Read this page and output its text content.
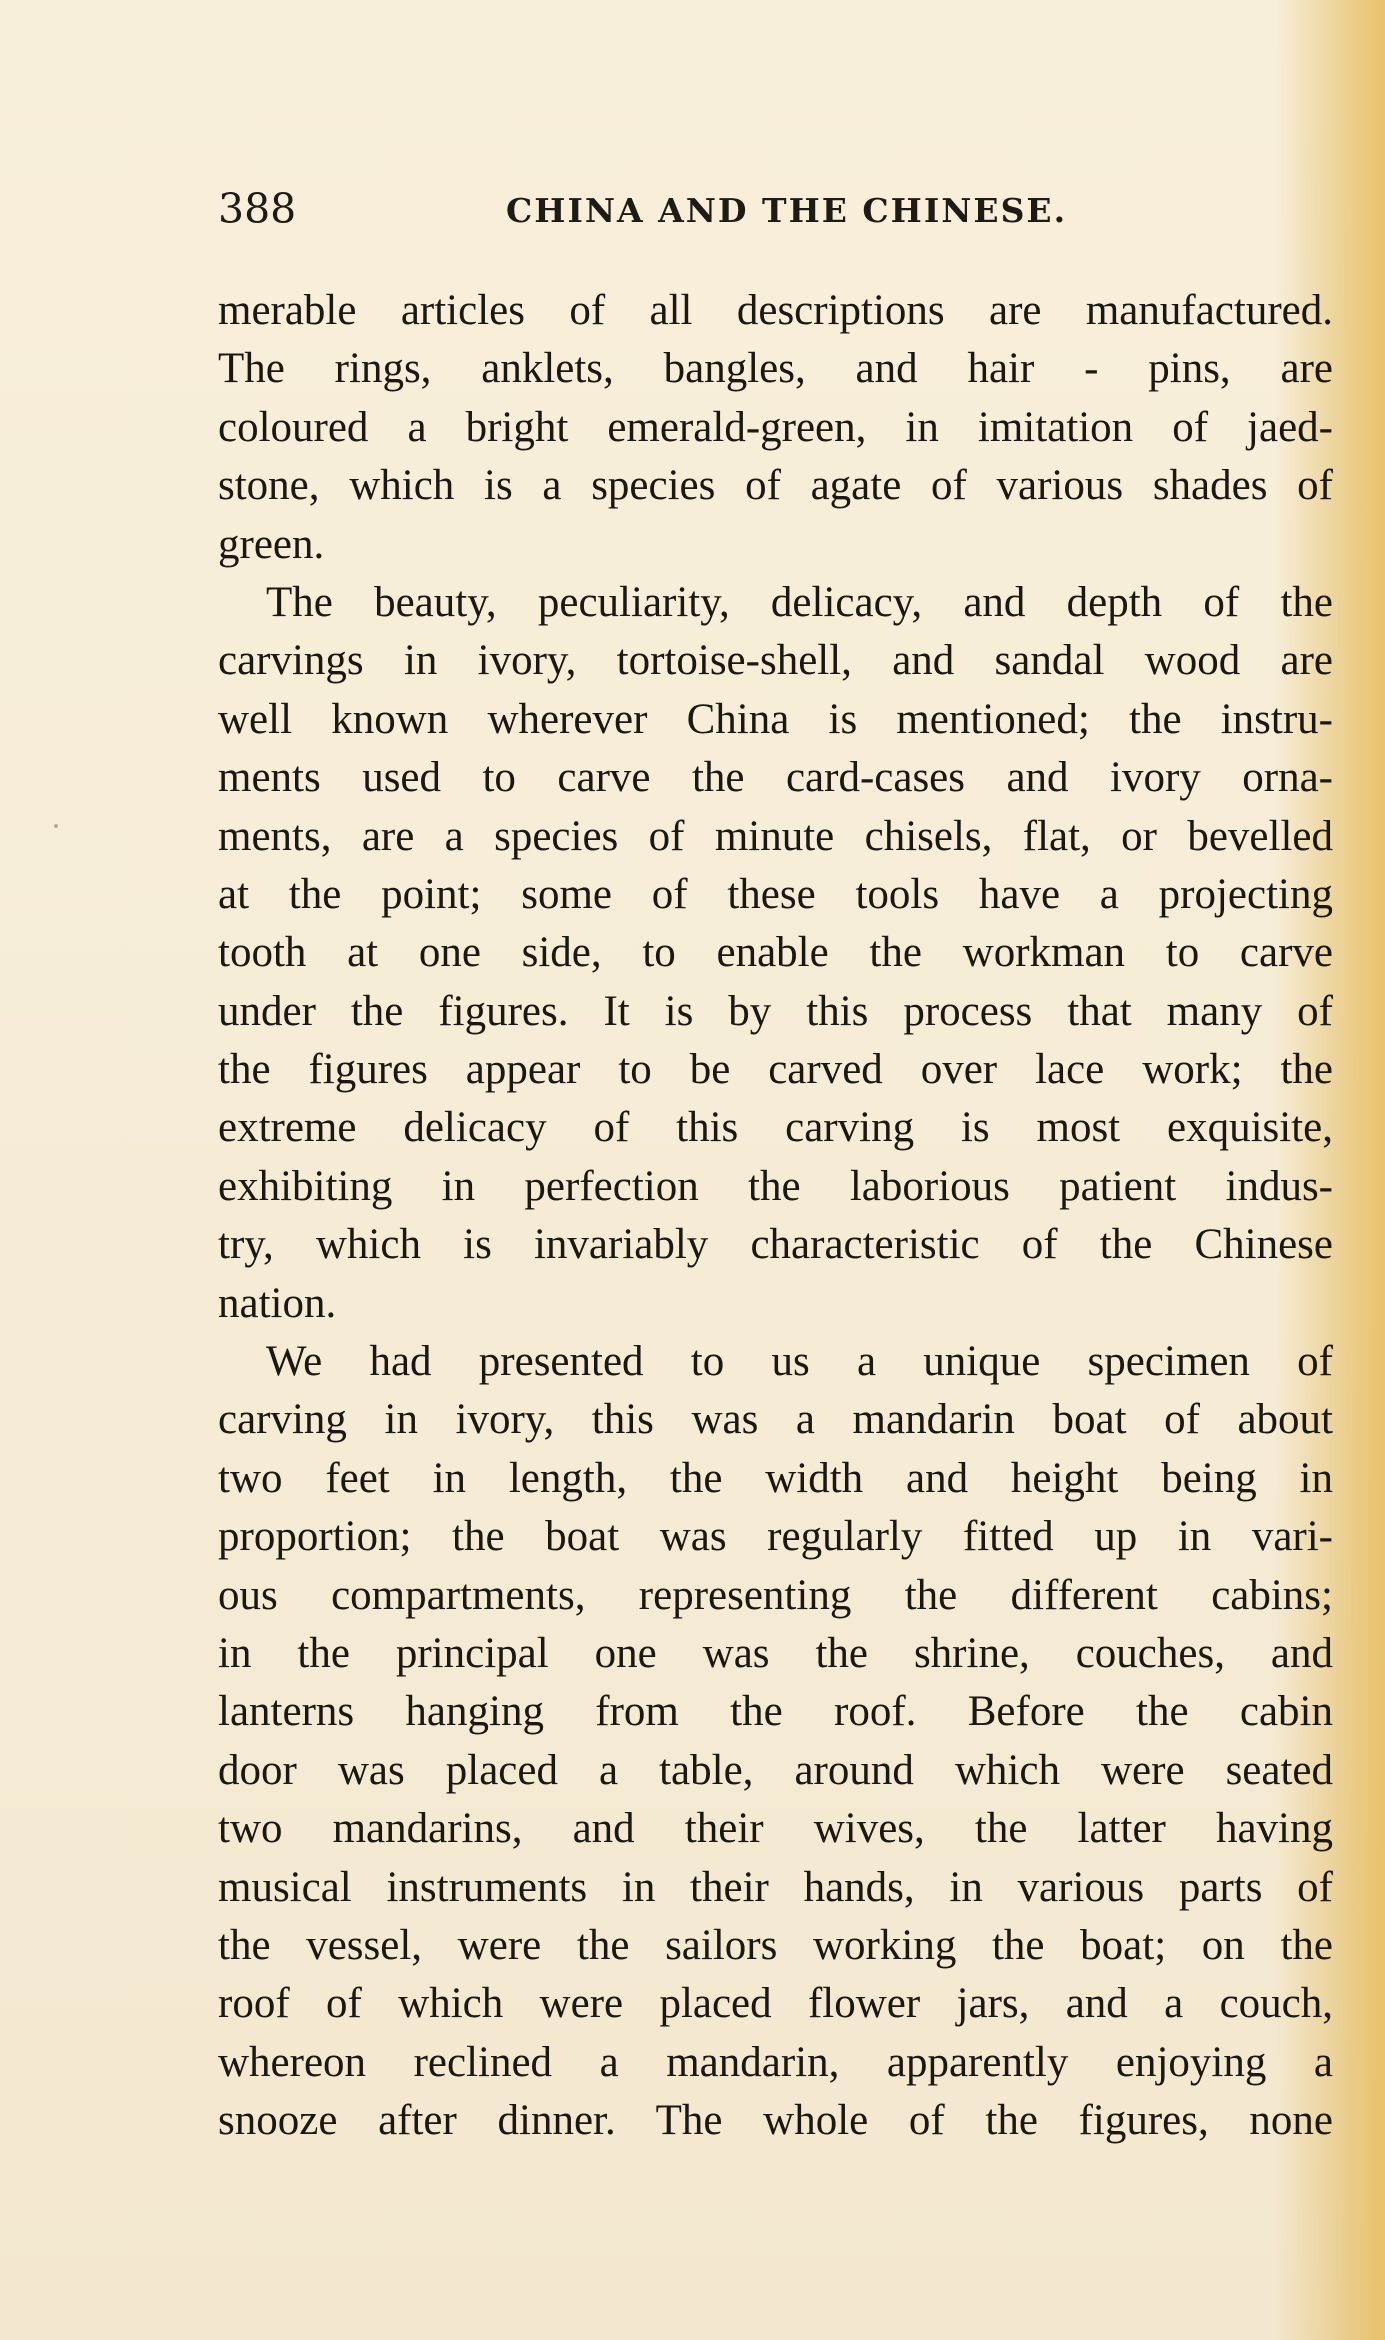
388	CHINA AND THE CHINESE.
merable articles of all descriptions are manufactured.
The rings, anklets, bangles, and hair - pins, are
coloured a bright emerald-green, in imitation of jaed-
stone, which is a species of agate of various shades of
green.
The beauty, peculiarity, delicacy, and depth of the
carvings in ivory, tortoise-shell, and sandal wood are
well known wherever China is mentioned; the instru-
ments used to carve the card-cases and ivory orna-
ments, are a species of minute chisels, flat, or bevelled
at the point; some of these tools have a projecting
tooth at one side, to enable the workman to carve
under the figures. It is by this process that many of
the figures appear to be carved over lace work; the
extreme delicacy of this carving is most exquisite,
exhibiting in perfection the laborious patient indus-
try, which is invariably characteristic of the Chinese
nation.
We had presented to us a unique specimen of
carving in ivory, this was a mandarin boat of about
two feet in length, the width and height being in
proportion; the boat was regularly fitted up in vari-
ous compartments, representing the different cabins;
in the principal one was the shrine, couches, and
lanterns hanging from the roof. Before the cabin
door was placed a table, around which were seated
two mandarins, and their wives, the latter having
musical instruments in their hands, in various parts of
the vessel, were the sailors working the boat; on the
roof of which were placed flower jars, and a couch,
whereon reclined a mandarin, apparently enjoying a
snooze after dinner. The whole of the figures, none
